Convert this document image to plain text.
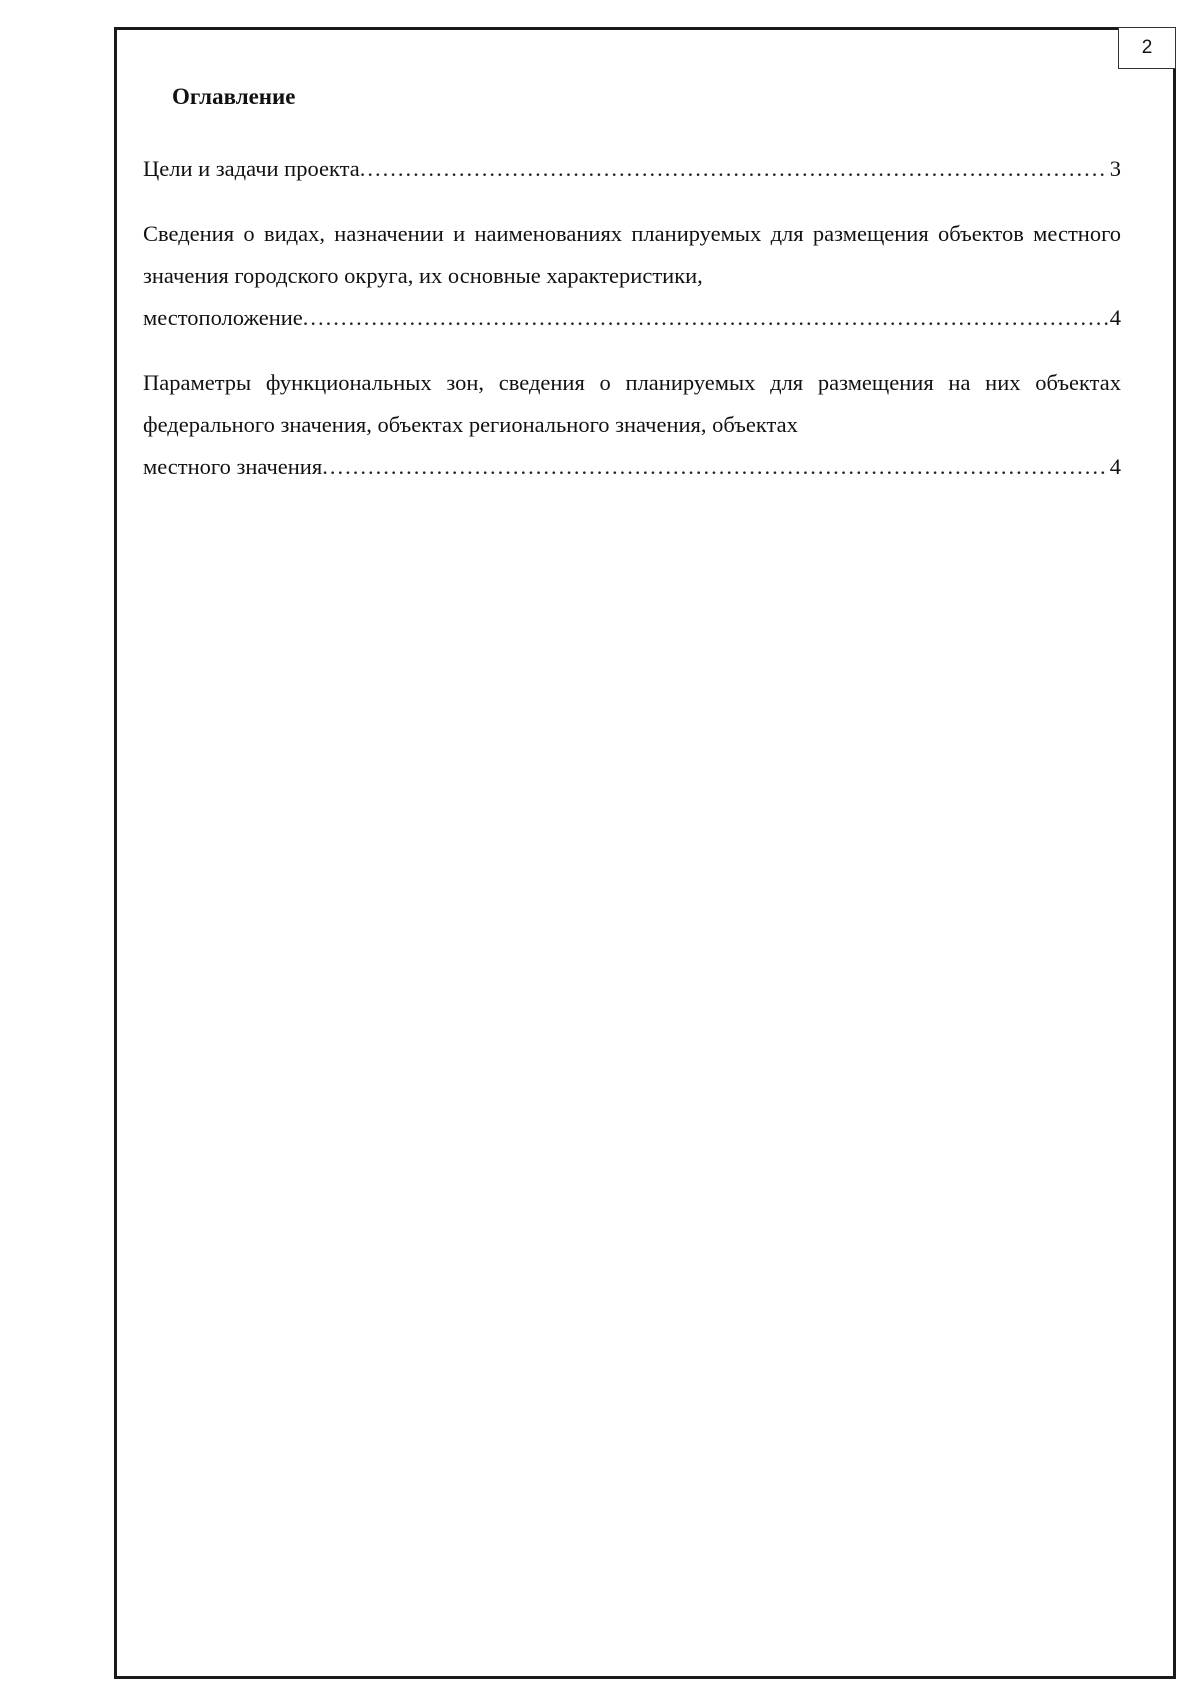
2
Оглавление
Цели и задачи проекта .....	3
Сведения о видах, назначении и наименованиях планируемых для размещения объектов местного значения городского округа, их основные характеристики,
местоположение .....	4
Параметры функциональных зон, сведения о планируемых для размещения на них объектах федерального значения, объектах регионального значения, объектах
местного значения .....	4
